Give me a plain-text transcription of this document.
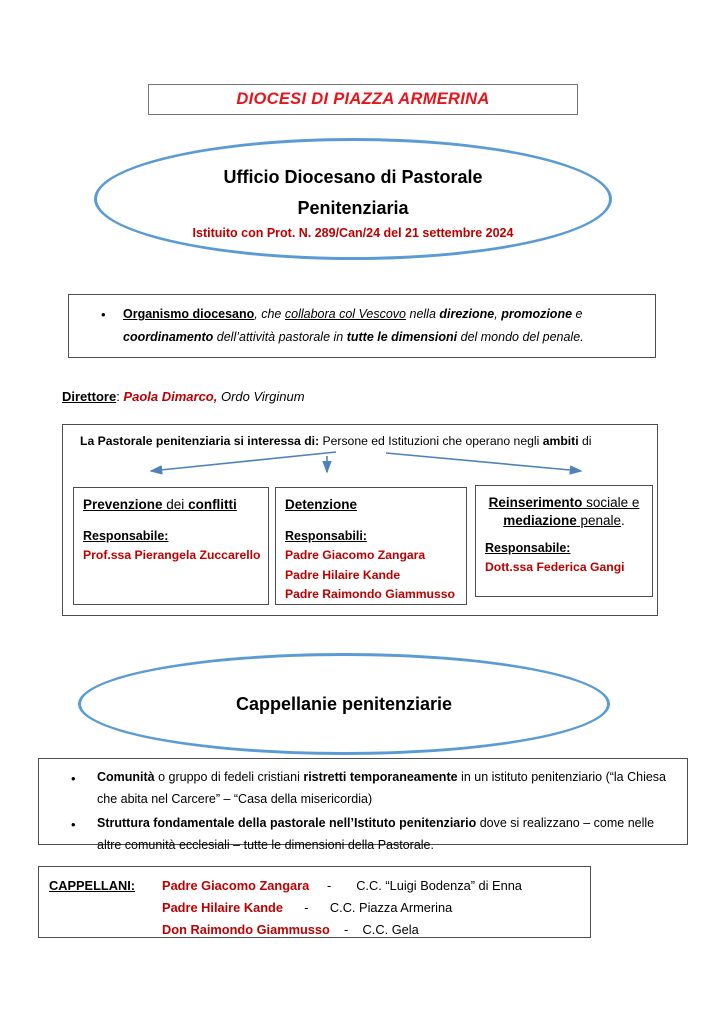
DIOCESI DI PIAZZA ARMERINA
Ufficio Diocesano di Pastorale
Penitenziaria
Istituito con Prot. N. 289/Can/24 del 21 settembre 2024
• Organismo diocesano, che collabora col Vescovo nella direzione, promozione e coordinamento dell’attività pastorale in tutte le dimensioni del mondo del penale.
Direttore: Paola Dimarco, Ordo Virginum
La Pastorale penitenziaria si interessa di: Persone ed Istituzioni che operano negli ambiti di
Prevenzione dei conflitti
Responsabile:
Prof.ssa Pierangela Zuccarello
Detenzione
Responsabili:
Padre Giacomo Zangara
Padre Hilaire Kande
Padre Raimondo Giammusso
Reinserimento sociale e
mediazione penale.
Responsabile:
Dott.ssa Federica Gangi
Cappellanie penitenziarie
• Comunità o gruppo di fedeli cristiani ristretti temporaneamente in un istituto penitenziario (“la Chiesa che abita nel Carcere” – “Casa della misericordia)
• Struttura fondamentale della pastorale nell’Istituto penitenziario dove si realizzano – come nelle altre comunità ecclesiali – tutte le dimensioni della Pastorale.
CAPPELLANI: Padre Giacomo Zangara     -       C.C. “Luigi Bodenza” di Enna
Padre Hilaire Kande      -      C.C. Piazza Armerina
Don Raimondo Giammusso    -    C.C. Gela
